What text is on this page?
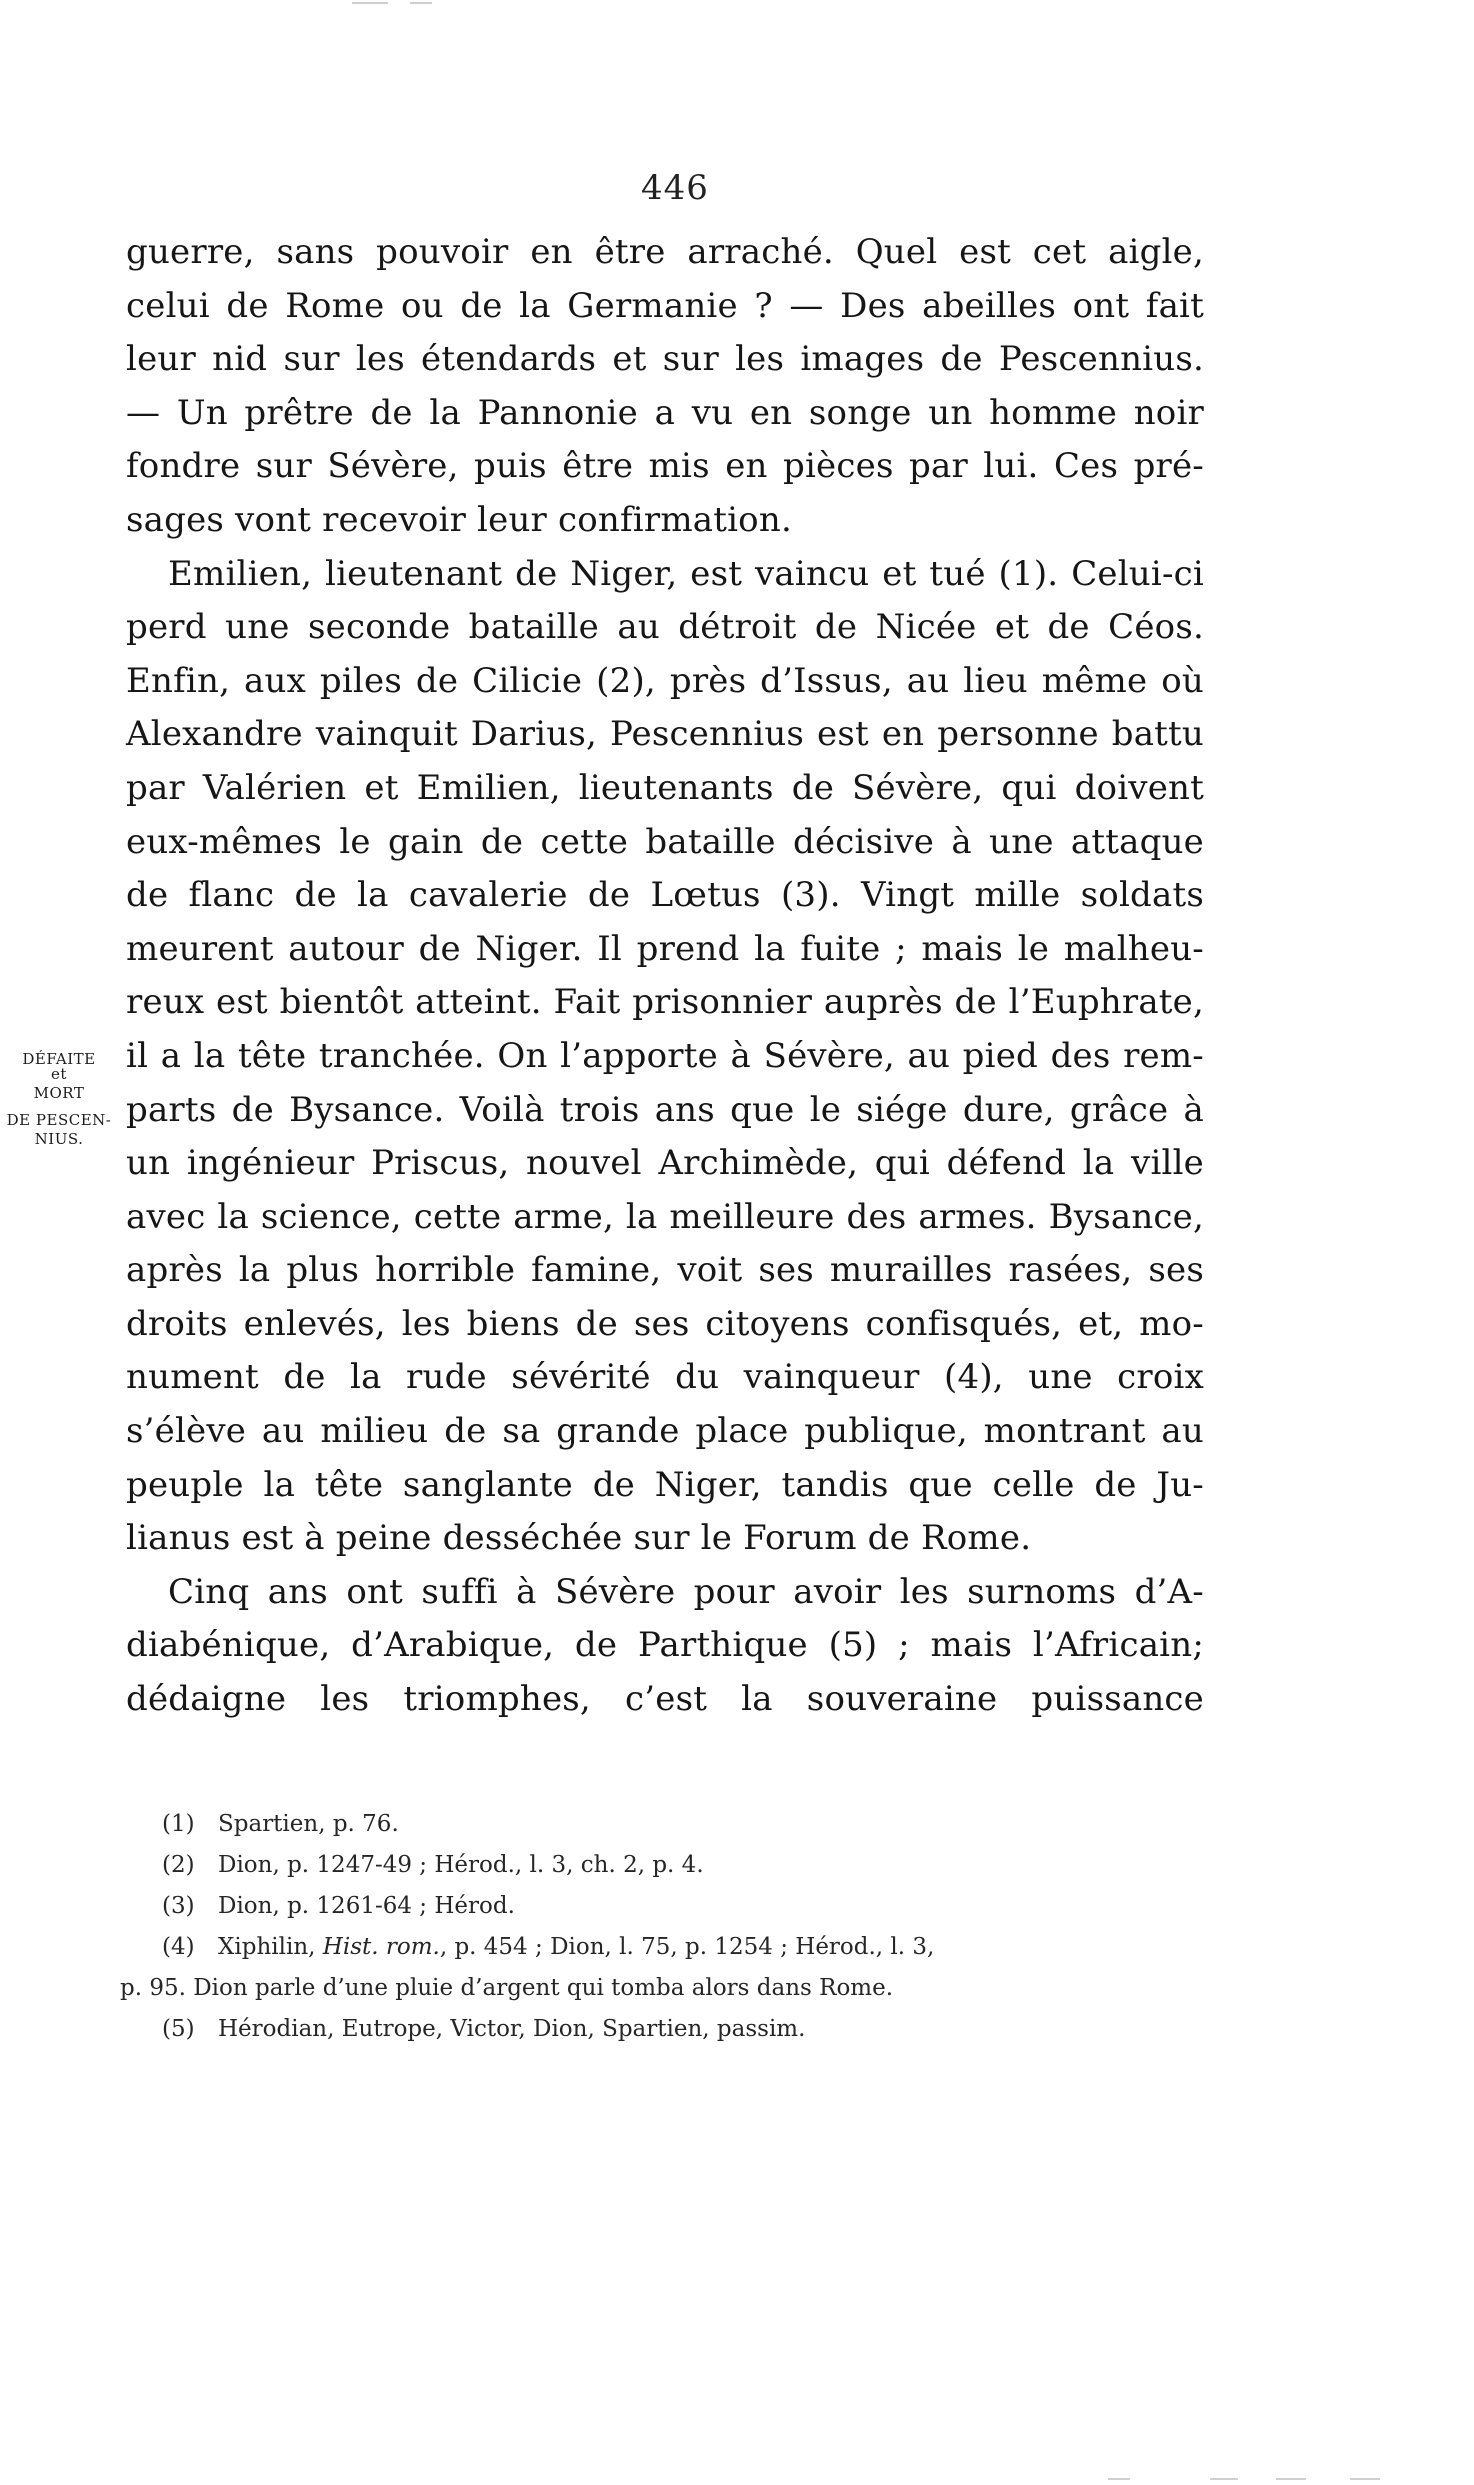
446
guerre, sans pouvoir en être arraché. Quel est cet aigle,
celui de Rome ou de la Germanie ? — Des abeilles ont fait
leur nid sur les étendards et sur les images de Pescennius.
— Un prêtre de la Pannonie a vu en songe un homme noir
fondre sur Sévère, puis être mis en pièces par lui. Ces pré-
sages vont recevoir leur confirmation.
Emilien, lieutenant de Niger, est vaincu et tué (1). Celui-ci
perd une seconde bataille au détroit de Nicée et de Céos.
Enfin, aux piles de Cilicie (2), près d’Issus, au lieu même où
Alexandre vainquit Darius, Pescennius est en personne battu
par Valérien et Emilien, lieutenants de Sévère, qui doivent
eux-mêmes le gain de cette bataille décisive à une attaque
de flanc de la cavalerie de Lœtus (3). Vingt mille soldats
meurent autour de Niger. Il prend la fuite ; mais le malheu-
reux est bientôt atteint. Fait prisonnier auprès de l’Euphrate,
il a la tête tranchée. On l’apporte à Sévère, au pied des rem-
parts de Bysance. Voilà trois ans que le siége dure, grâce à
un ingénieur Priscus, nouvel Archimède, qui défend la ville
avec la science, cette arme, la meilleure des armes. Bysance,
après la plus horrible famine, voit ses murailles rasées, ses
droits enlevés, les biens de ses citoyens confisqués, et, mo-
nument de la rude sévérité du vainqueur (4), une croix
s’élève au milieu de sa grande place publique, montrant au
peuple la tête sanglante de Niger, tandis que celle de Ju-
lianus est à peine desséchée sur le Forum de Rome.
Cinq ans ont suffi à Sévère pour avoir les surnoms d’A-
diabénique, d’Arabique, de Parthique (5) ; mais l’Africain;
dédaigne les triomphes, c’est la souveraine puissance
DÉFAITE
et
MORT
DE PESCEN-
NIUS.
(1) Spartien, p. 76.
(2) Dion, p. 1247-49 ; Hérod., l. 3, ch. 2, p. 4.
(3) Dion, p. 1261-64 ; Hérod.
(4) Xiphilin, Hist. rom., p. 454 ; Dion, l. 75, p. 1254 ; Hérod., l. 3,
p. 95. Dion parle d’une pluie d’argent qui tomba alors dans Rome.
(5) Hérodian, Eutrope, Victor, Dion, Spartien, passim.
